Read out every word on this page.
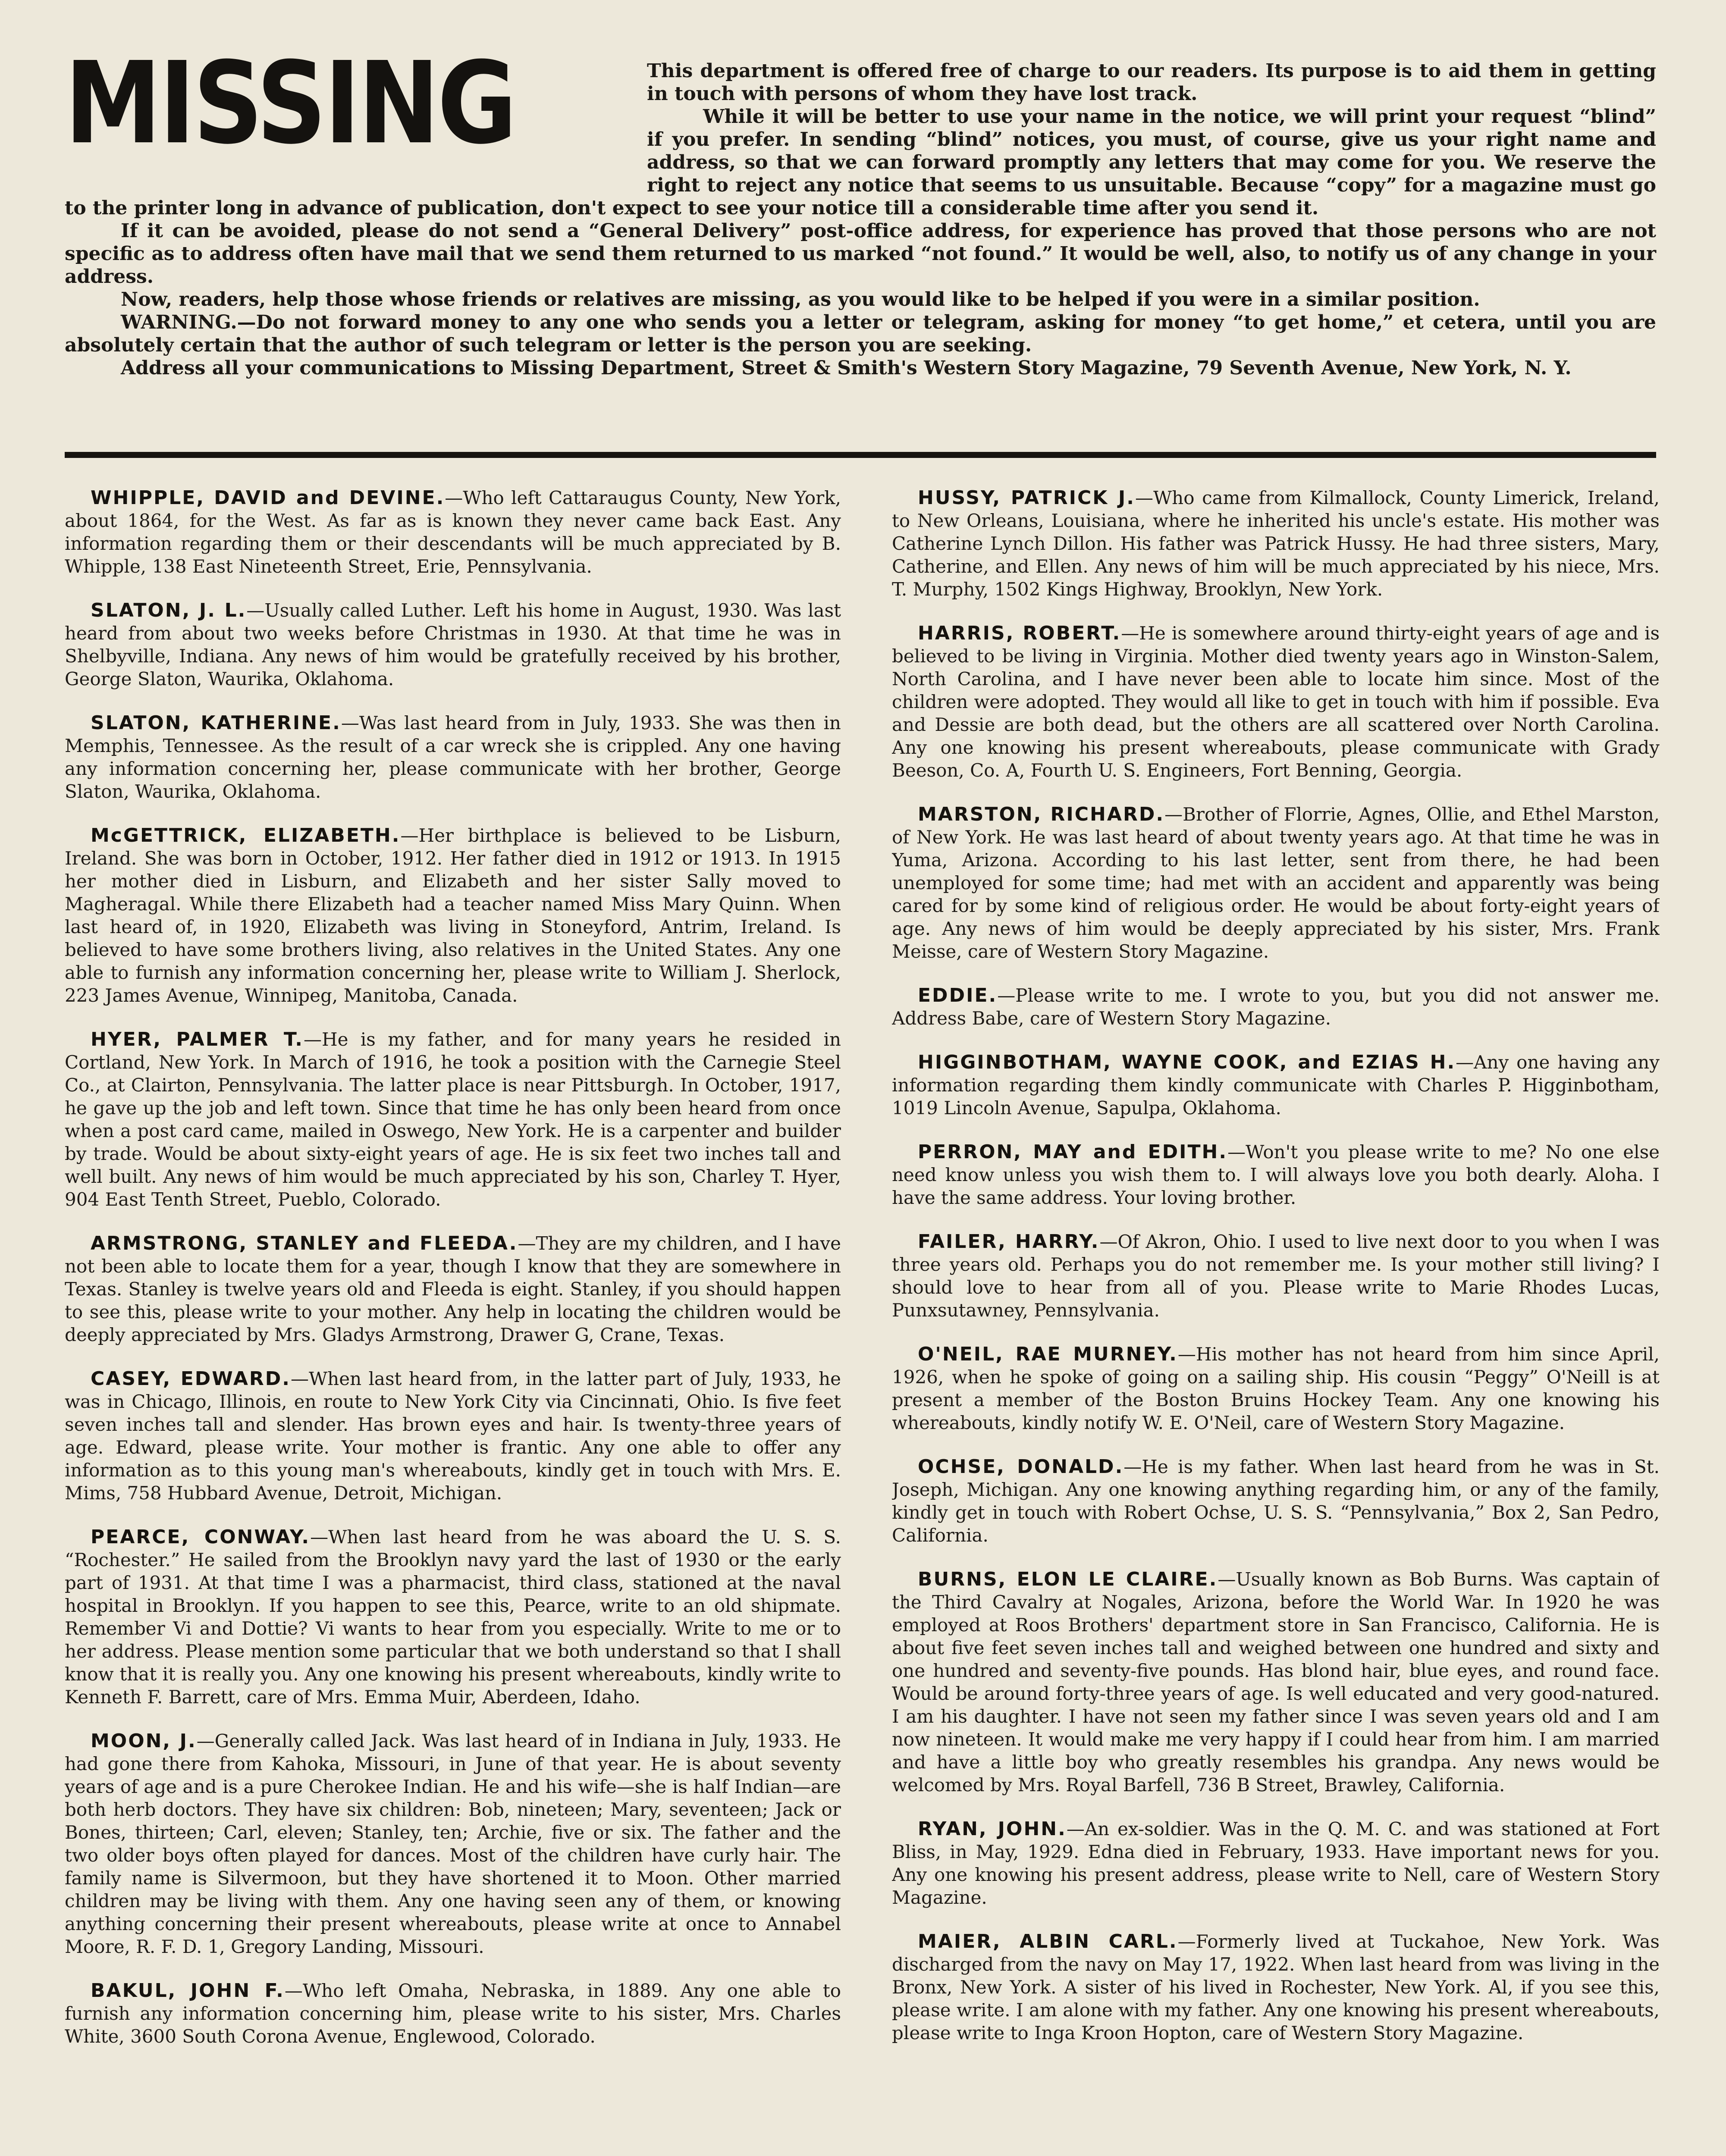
MISSING	This department is offered free of charge to our readers. Its purpose is to aid them in getting in touch with persons of whom they have lost track.

While it will be better to use your name in the notice, we will print your request “blind” if you prefer. In sending “blind” notices, you must, of course, give us your right name and address, so that we can forward promptly any letters that may come for you. We reserve the right to reject any notice that seems to us unsuitable. Because “copy” for a magazine must go to the printer long in advance of publication, don't expect to see your notice till a considerable time after you send it.

If it can be avoided, please do not send a “General Delivery” post-office address, for experience has proved that those persons who are not specific as to address often have mail that we send them returned to us marked “not found.” It would be well, also, to notify us of any change in your address.

Now, readers, help those whose friends or relatives are missing, as you would like to be helped if you were in a similar position.

WARNING.—Do not forward money to any one who sends you a letter or telegram, asking for money “to get home,” et cetera, until you are absolutely certain that the author of such telegram or letter is the person you are seeking.

Address all your communications to Missing Department, Street & Smith's Western Story Magazine, 79 Seventh Avenue, New York, N. Y.

WHIPPLE, DAVID and DEVINE.—Who left Cattaraugus County, New York, about 1864, for the West. As far as is known they never came back East. Any information regarding them or their descendants will be much appreciated by B. Whipple, 138 East Nineteenth Street, Erie, Pennsylvania.

SLATON, J. L.—Usually called Luther. Left his home in August, 1930. Was last heard from about two weeks before Christmas in 1930. At that time he was in Shelbyville, Indiana. Any news of him would be gratefully received by his brother, George Slaton, Waurika, Oklahoma.

SLATON, KATHERINE.—Was last heard from in July, 1933. She was then in Memphis, Tennessee. As the result of a car wreck she is crippled. Any one having any information concerning her, please communicate with her brother, George Slaton, Waurika, Oklahoma.

McGETTRICK, ELIZABETH.—Her birthplace is believed to be Lisburn, Ireland. She was born in October, 1912. Her father died in 1912 or 1913. In 1915 her mother died in Lisburn, and Elizabeth and her sister Sally moved to Magheragal. While there Elizabeth had a teacher named Miss Mary Quinn. When last heard of, in 1920, Elizabeth was living in Stoneyford, Antrim, Ireland. Is believed to have some brothers living, also relatives in the United States. Any one able to furnish any information concerning her, please write to William J. Sherlock, 223 James Avenue, Winnipeg, Manitoba, Canada.

HYER, PALMER T.—He is my father, and for many years he resided in Cortland, New York. In March of 1916, he took a position with the Carnegie Steel Co., at Clairton, Pennsylvania. The latter place is near Pittsburgh. In October, 1917, he gave up the job and left town. Since that time he has only been heard from once when a post card came, mailed in Oswego, New York. He is a carpenter and builder by trade. Would be about sixty-eight years of age. He is six feet two inches tall and well built. Any news of him would be much appreciated by his son, Charley T. Hyer, 904 East Tenth Street, Pueblo, Colorado.

ARMSTRONG, STANLEY and FLEEDA.—They are my children, and I have not been able to locate them for a year, though I know that they are somewhere in Texas. Stanley is twelve years old and Fleeda is eight. Stanley, if you should happen to see this, please write to your mother. Any help in locating the children would be deeply appreciated by Mrs. Gladys Armstrong, Drawer G, Crane, Texas.

CASEY, EDWARD.—When last heard from, in the latter part of July, 1933, he was in Chicago, Illinois, en route to New York City via Cincinnati, Ohio. Is five feet seven inches tall and slender. Has brown eyes and hair. Is twenty-three years of age. Edward, please write. Your mother is frantic. Any one able to offer any information as to this young man's whereabouts, kindly get in touch with Mrs. E. Mims, 758 Hubbard Avenue, Detroit, Michigan.

PEARCE, CONWAY.—When last heard from he was aboard the U. S. S. “Rochester.” He sailed from the Brooklyn navy yard the last of 1930 or the early part of 1931. At that time I was a pharmacist, third class, stationed at the naval hospital in Brooklyn. If you happen to see this, Pearce, write to an old shipmate. Remember Vi and Dottie? Vi wants to hear from you especially. Write to me or to her address. Please mention some particular that we both understand so that I shall know that it is really you. Any one knowing his present whereabouts, kindly write to Kenneth F. Barrett, care of Mrs. Emma Muir, Aberdeen, Idaho.

MOON, J.—Generally called Jack. Was last heard of in Indiana in July, 1933. He had gone there from Kahoka, Missouri, in June of that year. He is about seventy years of age and is a pure Cherokee Indian. He and his wife—she is half Indian—are both herb doctors. They have six children: Bob, nineteen; Mary, seventeen; Jack or Bones, thirteen; Carl, eleven; Stanley, ten; Archie, five or six. The father and the two older boys often played for dances. Most of the children have curly hair. The family name is Silvermoon, but they have shortened it to Moon. Other married children may be living with them. Any one having seen any of them, or knowing anything concerning their present whereabouts, please write at once to Annabel Moore, R. F. D. 1, Gregory Landing, Missouri.

BAKUL, JOHN F.—Who left Omaha, Nebraska, in 1889. Any one able to furnish any information concerning him, please write to his sister, Mrs. Charles White, 3600 South Corona Avenue, Englewood, Colorado.

HUSSY, PATRICK J.—Who came from Kilmallock, County Limerick, Ireland, to New Orleans, Louisiana, where he inherited his uncle's estate. His mother was Catherine Lynch Dillon. His father was Patrick Hussy. He had three sisters, Mary, Catherine, and Ellen. Any news of him will be much appreciated by his niece, Mrs. T. Murphy, 1502 Kings Highway, Brooklyn, New York.

HARRIS, ROBERT.—He is somewhere around thirty-eight years of age and is believed to be living in Virginia. Mother died twenty years ago in Winston-Salem, North Carolina, and I have never been able to locate him since. Most of the children were adopted. They would all like to get in touch with him if possible. Eva and Dessie are both dead, but the others are all scattered over North Carolina. Any one knowing his present whereabouts, please communicate with Grady Beeson, Co. A, Fourth U. S. Engineers, Fort Benning, Georgia.

MARSTON, RICHARD.—Brother of Florrie, Agnes, Ollie, and Ethel Marston, of New York. He was last heard of about twenty years ago. At that time he was in Yuma, Arizona. According to his last letter, sent from there, he had been unemployed for some time; had met with an accident and apparently was being cared for by some kind of religious order. He would be about forty-eight years of age. Any news of him would be deeply appreciated by his sister, Mrs. Frank Meisse, care of Western Story Magazine.

EDDIE.—Please write to me. I wrote to you, but you did not answer me. Address Babe, care of Western Story Magazine.

HIGGINBOTHAM, WAYNE COOK, and EZIAS H.—Any one having any information regarding them kindly communicate with Charles P. Higginbotham, 1019 Lincoln Avenue, Sapulpa, Oklahoma.

PERRON, MAY and EDITH.—Won't you please write to me? No one else need know unless you wish them to. I will always love you both dearly. Aloha. I have the same address. Your loving brother.

FAILER, HARRY.—Of Akron, Ohio. I used to live next door to you when I was three years old. Perhaps you do not remember me. Is your mother still living? I should love to hear from all of you. Please write to Marie Rhodes Lucas, Punxsutawney, Pennsylvania.

O'NEIL, RAE MURNEY.—His mother has not heard from him since April, 1926, when he spoke of going on a sailing ship. His cousin “Peggy” O'Neill is at present a member of the Boston Bruins Hockey Team. Any one knowing his whereabouts, kindly notify W. E. O'Neil, care of Western Story Magazine.

OCHSE, DONALD.—He is my father. When last heard from he was in St. Joseph, Michigan. Any one knowing anything regarding him, or any of the family, kindly get in touch with Robert Ochse, U. S. S. “Pennsylvania,” Box 2, San Pedro, California.

BURNS, ELON LE CLAIRE.—Usually known as Bob Burns. Was captain of the Third Cavalry at Nogales, Arizona, before the World War. In 1920 he was employed at Roos Brothers' department store in San Francisco, California. He is about five feet seven inches tall and weighed between one hundred and sixty and one hundred and seventy-five pounds. Has blond hair, blue eyes, and round face. Would be around forty-three years of age. Is well educated and very good-natured. I am his daughter. I have not seen my father since I was seven years old and I am now nineteen. It would make me very happy if I could hear from him. I am married and have a little boy who greatly resembles his grandpa. Any news would be welcomed by Mrs. Royal Barfell, 736 B Street, Brawley, California.

RYAN, JOHN.—An ex-soldier. Was in the Q. M. C. and was stationed at Fort Bliss, in May, 1929. Edna died in February, 1933. Have important news for you. Any one knowing his present address, please write to Nell, care of Western Story Magazine.

MAIER, ALBIN CARL.—Formerly lived at Tuckahoe, New York. Was discharged from the navy on May 17, 1922. When last heard from was living in the Bronx, New York. A sister of his lived in Rochester, New York. Al, if you see this, please write. I am alone with my father. Any one knowing his present whereabouts, please write to Inga Kroon Hopton, care of Western Story Magazine.
